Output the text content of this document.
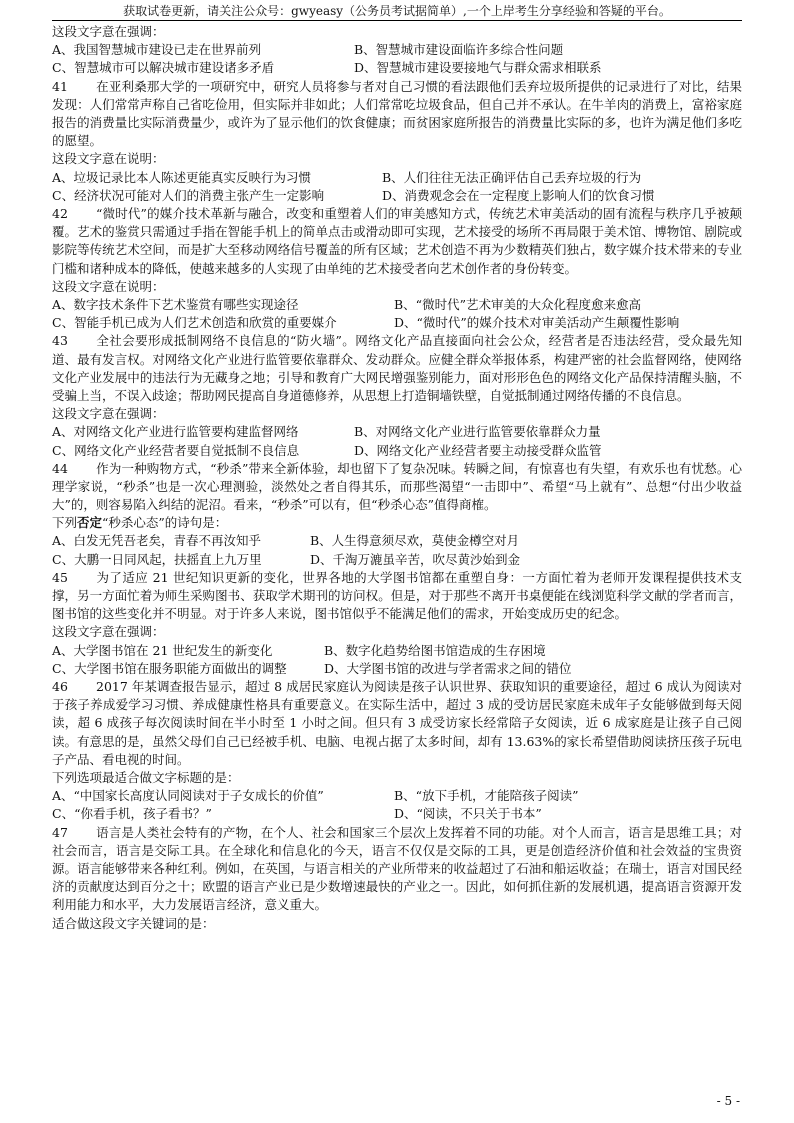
获取试卷更新，请关注公众号：gwyeasy（公务员考试据简单）,一个上岸考生分享经验和答疑的平台。
这段文字意在强调：
A、我国智慧城市建设已走在世界前列	B、智慧城市建设面临许多综合性问题
C、智慧城市可以解决城市建设诸多矛盾	D、智慧城市建设要接地气与群众需求相联系
41 在亚利桑那大学的一项研究中，研究人员将参与者对自己习惯的看法跟他们丢弃垃圾所提供的记录进行了对比，结果发现：人们常常声称自己省吃俭用，但实际并非如此；人们常常吃垃圾食品，但自己并不承认。在牛羊肉的消费上，富裕家庭报告的消费量比实际消费量少，或许为了显示他们的饮食健康；而贫困家庭所报告的消费量比实际的多，也许为满足他们多吃的愿望。
这段文字意在说明：
A、垃圾记录比本人陈述更能真实反映行为习惯	B、人们往往无法正确评估自己丢弃垃圾的行为
C、经济状况可能对人们的消费主张产生一定影响	D、消费观念会在一定程度上影响人们的饮食习惯
42 “微时代”的媒介技术革新与融合，改变和重塑着人们的审美感知方式，传统艺术审美活动的固有流程与秩序几乎被颠覆。艺术的鉴赏只需通过手指在智能手机上的简单点击或滑动即可实现，艺术接受的场所不再局限于美术馆、博物馆、剧院或影院等传统艺术空间，而是扩大至移动网络信号覆盖的所有区域；艺术创造不再为少数精英们独占，数字媒介技术带来的专业门槛和诸种成本的降低，使越来越多的人实现了由单纯的艺术接受者向艺术创作者的身份转变。
这段文字意在说明：
A、数字技术条件下艺术鉴赏有哪些实现途径	B、“微时代”艺术审美的大众化程度愈来愈高
C、智能手机已成为人们艺术创造和欣赏的重要媒介	D、“微时代”的媒介技术对审美活动产生颠覆性影响
43 全社会要形成抵制网络不良信息的“防火墙”。网络文化产品直接面向社会公众，经营者是否违法经营，受众最先知道、最有发言权。对网络文化产业进行监管要依靠群众、发动群众。应健全群众举报体系，构建严密的社会监督网络，使网络文化产业发展中的违法行为无藏身之地；引导和教育广大网民增强鉴别能力，面对形形色色的网络文化产品保持清醒头脑，不受骗上当，不误入歧途；帮助网民提高自身道德修养，从思想上打造铜墙铁壁，自觉抵制通过网络传播的不良信息。
这段文字意在强调：
A、对网络文化产业进行监管要构建监督网络	B、对网络文化产业进行监管要依靠群众力量
C、网络文化产业经营者要自觉抵制不良信息	D、网络文化产业经营者要主动接受群众监管
44 作为一种购物方式，“秒杀”带来全新体验，却也留下了复杂况味。转瞬之间，有惊喜也有失望，有欢乐也有忧愁。心理学家说，“秒杀”也是一次心理测验，淡然处之者自得其乐，而那些渴望“一击即中”、希望“马上就有”、总想“付出少收益大”的，则容易陷入纠结的泥沼。看来，“秒杀”可以有，但“秒杀心态”值得商榷。
下列否定“秒杀心态”的诗句是：
A、白发无凭吾老矣，青春不再汝知乎	B、人生得意须尽欢，莫使金樽空对月
C、大鹏一日同风起，扶摇直上九万里	D、千淘万漉虽辛苦，吹尽黄沙始到金
45 为了适应 21 世纪知识更新的变化，世界各地的大学图书馆都在重塑自身：一方面忙着为老师开发课程提供技术支撑，另一方面忙着为师生采购图书、获取学术期刊的访问权。但是，对于那些不离开书桌便能在线浏览科学文献的学者而言，图书馆的这些变化并不明显。对于许多人来说，图书馆似乎不能满足他们的需求，开始变成历史的纪念。
这段文字意在强调：
A、大学图书馆在 21 世纪发生的新变化	B、数字化趋势给图书馆造成的生存困境
C、大学图书馆在服务职能方面做出的调整	D、大学图书馆的改进与学者需求之间的错位
46 2017 年某调查报告显示，超过 8 成居民家庭认为阅读是孩子认识世界、获取知识的重要途径，超过 6 成认为阅读对于孩子养成爱学习习惯、养成健康性格具有重要意义。在实际生活中，超过 3 成的受访居民家庭未成年子女能够做到每天阅读，超 6 成孩子每次阅读时间在半小时至 1 小时之间。但只有 3 成受访家长经常陪子女阅读，近 6 成家庭是让孩子自己阅读。有意思的是，虽然父母们自己已经被手机、电脑、电视占据了太多时间，却有 13.63%的家长希望借助阅读挤压孩子玩电子产品、看电视的时间。
下列选项最适合做文字标题的是：
A、“中国家长高度认同阅读对于子女成长的价值”	B、“放下手机，才能陪孩子阅读”
C、“你看手机，孩子看书？”	D、“阅读，不只关于书本”
47 语言是人类社会特有的产物，在个人、社会和国家三个层次上发挥着不同的功能。对个人而言，语言是思维工具；对社会而言，语言是交际工具。在全球化和信息化的今天，语言不仅仅是交际的工具，更是创造经济价值和社会效益的宝贵资源。语言能够带来各种红利。例如，在英国，与语言相关的产业所带来的收益超过了石油和船运收益；在瑞士，语言对国民经济的贡献度达到百分之十；欧盟的语言产业已是少数增速最快的产业之一。因此，如何抓住新的发展机遇，提高语言资源开发利用能力和水平，大力发展语言经济，意义重大。
适合做这段文字关键词的是：
- 5 -
